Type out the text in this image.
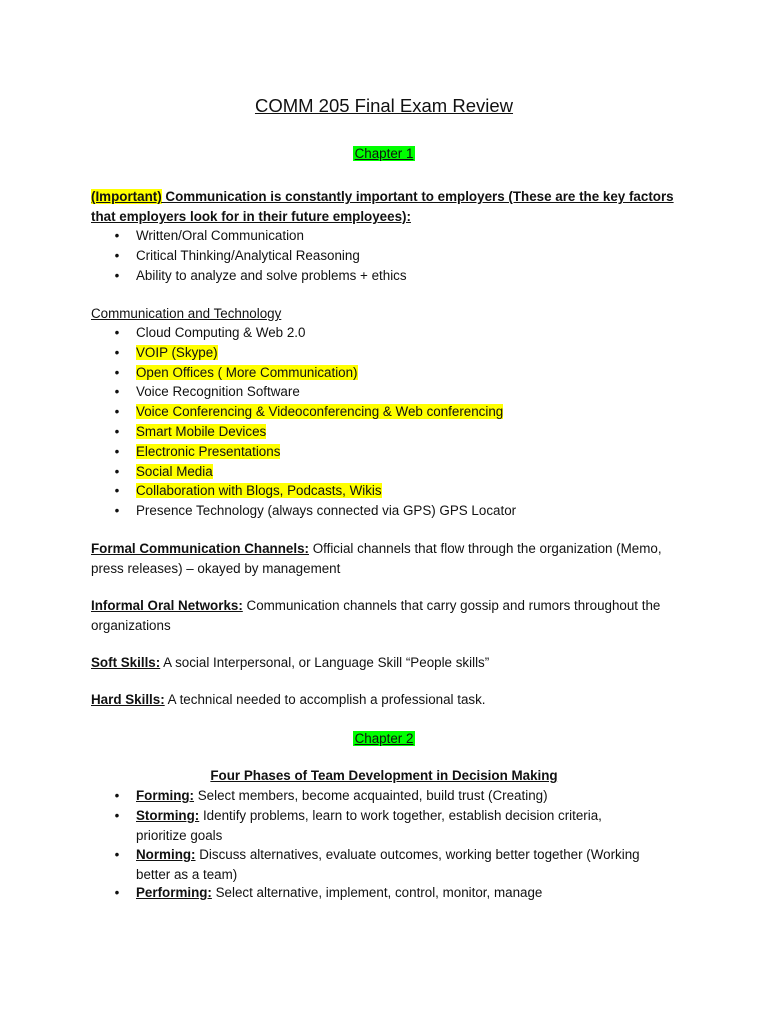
COMM 205 Final Exam Review
Chapter 1
(Important) Communication is constantly important to employers (These are the key factors
that employers look for in their future employees):
• Written/Oral Communication
• Critical Thinking/Analytical Reasoning
• Ability to analyze and solve problems + ethics
Communication and Technology
• Cloud Computing & Web 2.0
• VOIP (Skype)
• Open Offices ( More Communication)
• Voice Recognition Software
• Voice Conferencing & Videoconferencing & Web conferencing
• Smart Mobile Devices
• Electronic Presentations
• Social Media
• Collaboration with Blogs, Podcasts, Wikis
• Presence Technology (always connected via GPS) GPS Locator
Formal Communication Channels: Official channels that flow through the organization (Memo,
press releases) – okayed by management
Informal Oral Networks: Communication channels that carry gossip and rumors throughout the
organizations
Soft Skills: A social Interpersonal, or Language Skill “People skills”
Hard Skills: A technical needed to accomplish a professional task.
Chapter 2
Four Phases of Team Development in Decision Making
• Forming: Select members, become acquainted, build trust (Creating)
• Storming: Identify problems, learn to work together, establish decision criteria,
prioritize goals
• Norming: Discuss alternatives, evaluate outcomes, working better together (Working
better as a team)
• Performing: Select alternative, implement, control, monitor, manage
